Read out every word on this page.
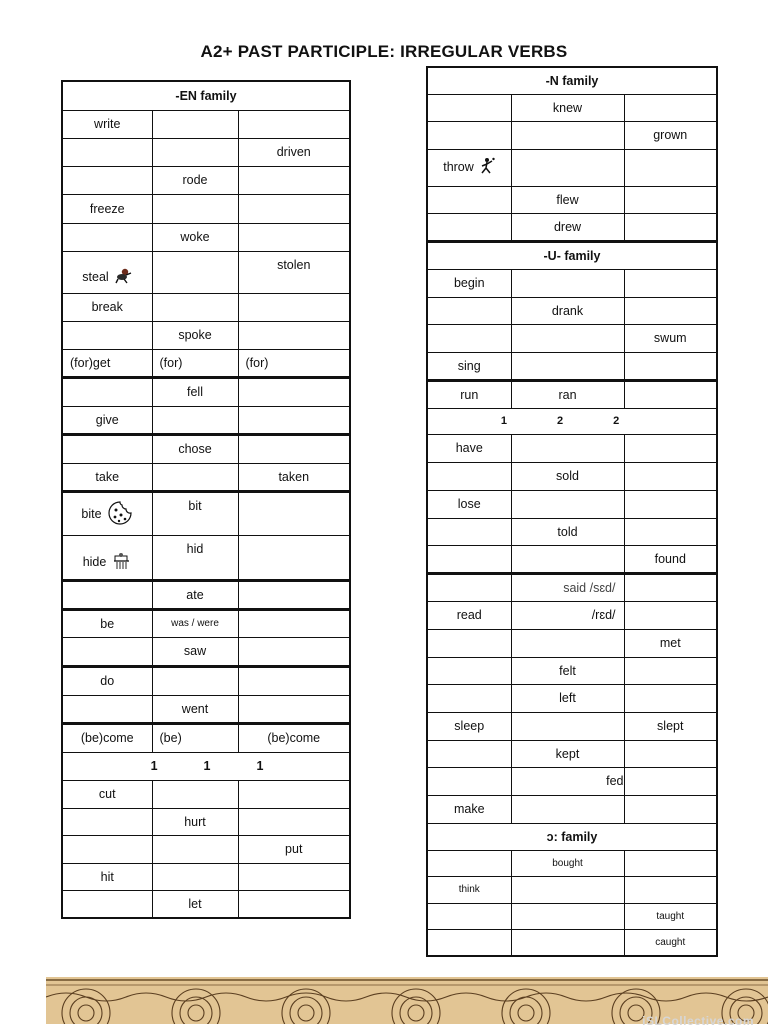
A2+ PAST PARTICIPLE: IRREGULAR VERBS
-EN family		
write		
		driven
	rode	
freeze		
	woke	
steal		stolen
break		
	spoke	
(for)get	(for)	(for)
	fell	
give		
	chose	
take		taken
bite	bit	
hide	hid	
	ate	
be	was / were	
	saw	
do		
	went	
(be)come	(be)	(be)come

1 1 1		

cut		
	hurt	
		put
hit		
	let	
-N family		
	knew	
		grown
throw		
	flew	
	drew	
-U- family		
begin		
	drank	
		swum
sing		
run	ran	

1 2 2		

have		
	sold	
lose		
	told	
		found
	said /sɛd/	
read	/rɛd/	
		met
	felt	
	left	
sleep		slept
	kept	
	fed	
make		
ɔ: family		
	bought	
think		
		taught
		caught
iSLCollective.com
